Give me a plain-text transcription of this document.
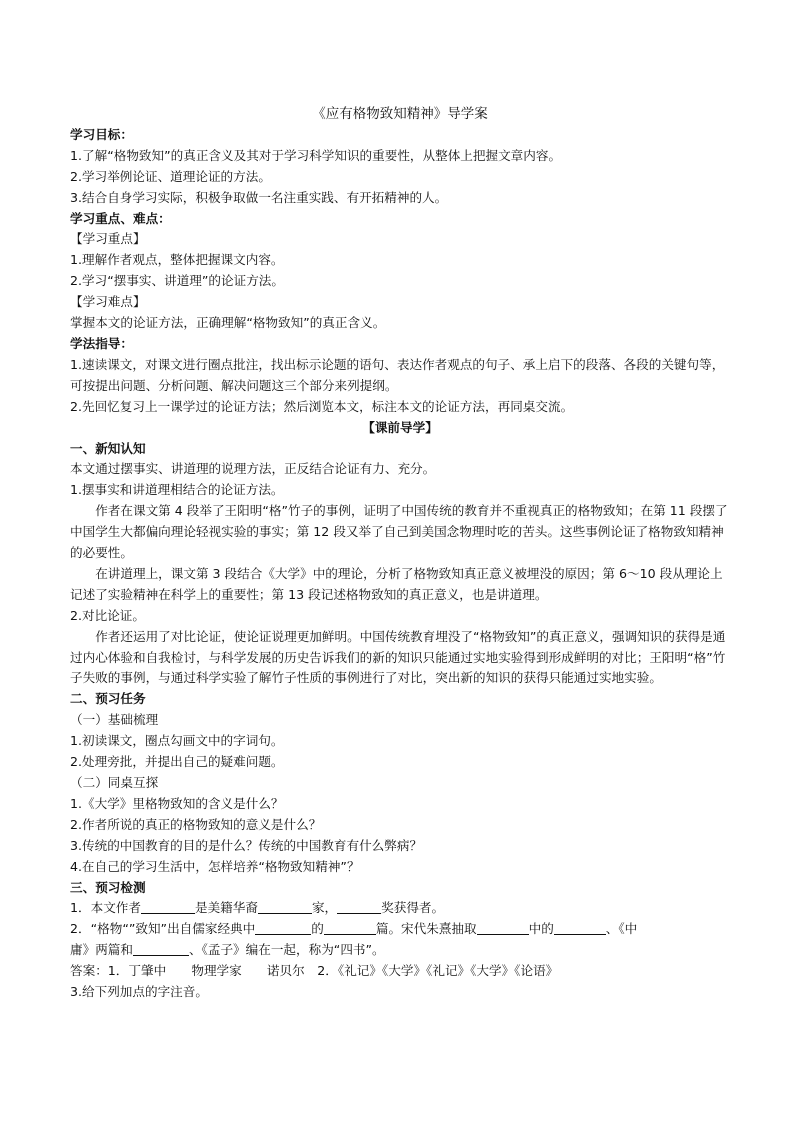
《应有格物致知精神》导学案
学习目标：

1.了解“格物致知”的真正含义及其对于学习科学知识的重要性，从整体上把握文章内容。

2.学习举例论证、道理论证的方法。

3.结合自身学习实际，积极争取做一名注重实践、有开拓精神的人。

学习重点、难点：

【学习重点】

1.理解作者观点，整体把握课文内容。

2.学习“摆事实、讲道理”的论证方法。

【学习难点】

掌握本文的论证方法，正确理解“格物致知”的真正含义。

学法指导：

1.速读课文，对课文进行圈点批注，找出标示论题的语句、表达作者观点的句子、承上启下的段落、各段的关键句等，可按提出问题、分析问题、解决问题这三个部分来列提纲。

2.先回忆复习上一课学过的论证方法；然后浏览本文，标注本文的论证方法，再同桌交流。

【课前导学】
一、新知认知

本文通过摆事实、讲道理的说理方法，正反结合论证有力、充分。

1.摆事实和讲道理相结合的论证方法。

作者在课文第 4 段举了王阳明“格”竹子的事例，证明了中国传统的教育并不重视真正的格物致知；在第 11 段摆了中国学生大都偏向理论轻视实验的事实；第 12 段又举了自己到美国念物理时吃的苦头。这些事例论证了格物致知精神的必要性。

在讲道理上，课文第 3 段结合《大学》中的理论，分析了格物致知真正意义被埋没的原因；第 6～10 段从理论上记述了实验精神在科学上的重要性；第 13 段记述格物致知的真正意义，也是讲道理。

2.对比论证。

作者还运用了对比论证，使论证说理更加鲜明。中国传统教育埋没了“格物致知”的真正意义，强调知识的获得是通过内心体验和自我检讨，与科学发展的历史告诉我们的新的知识只能通过实地实验得到形成鲜明的对比；王阳明“格”竹子失败的事例，与通过科学实验了解竹子性质的事例进行了对比，突出新的知识的获得只能通过实地实验。

二、预习任务

（一）基础梳理

1.初读课文，圈点勾画文中的字词句。

2.处理旁批，并提出自己的疑难问题。

（二）同桌互探

1.《大学》里格物致知的含义是什么？

2.作者所说的真正的格物致知的意义是什么？

3.传统的中国教育的目的是什么？传统的中国教育有什么弊病？

4.在自己的学习生活中，怎样培养“格物致知精神”？

三、预习检测

1．本文作者	是美籍华裔	家，	奖获得者。

2．“格物“”致知”出自儒家经典中	的	篇。宋代朱熹抽取	中的	、《中

庸》两篇和	、《孟子》编在一起，称为“四书”。

答案：1．丁肇中　　物理学家　　诺贝尔　2．《礼记》《大学》《礼记》《大学》《论语》

3.给下列加点的字注音。
